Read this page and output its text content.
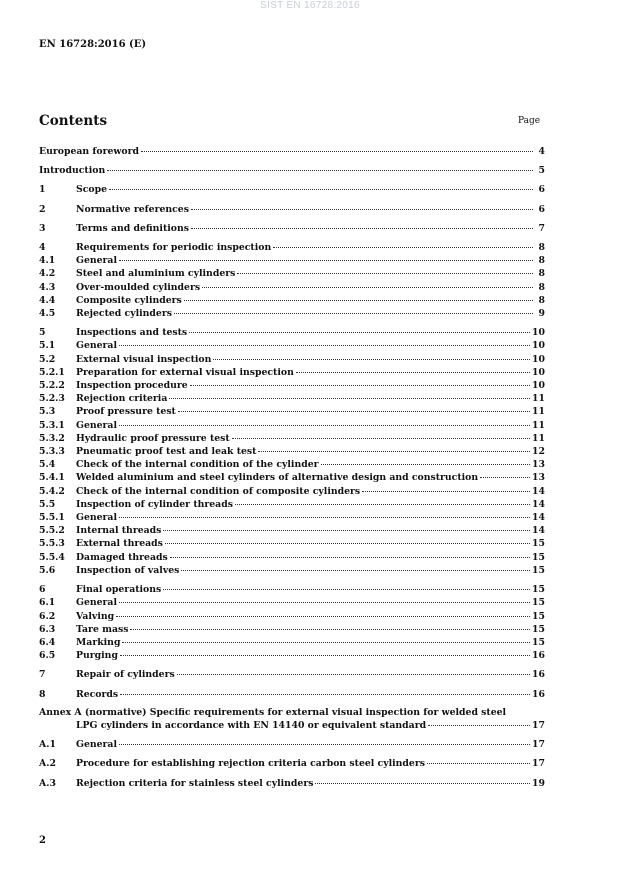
SIST EN 16728:2016
EN 16728:2016 (E)
Contents	Page
European foreword	4
Introduction	5
1	Scope	6
2	Normative references	6
3	Terms and definitions	7
4	Requirements for periodic inspection	8
4.1	General	8
4.2	Steel and aluminium cylinders	8
4.3	Over-moulded cylinders	8
4.4	Composite cylinders	8
4.5	Rejected cylinders	9
5	Inspections and tests	10
5.1	General	10
5.2	External visual inspection	10
5.2.1	Preparation for external visual inspection	10
5.2.2	Inspection procedure	10
5.2.3	Rejection criteria	11
5.3	Proof pressure test	11
5.3.1	General	11
5.3.2	Hydraulic proof pressure test	11
5.3.3	Pneumatic proof test and leak test	12
5.4	Check of the internal condition of the cylinder	13
5.4.1	Welded aluminium and steel cylinders of alternative design and construction	13
5.4.2	Check of the internal condition of composite cylinders	14
5.5	Inspection of cylinder threads	14
5.5.1	General	14
5.5.2	Internal threads	14
5.5.3	External threads	15
5.5.4	Damaged threads	15
5.6	Inspection of valves	15
6	Final operations	15
6.1	General	15
6.2	Valving	15
6.3	Tare mass	15
6.4	Marking	15
6.5	Purging	16
7	Repair of cylinders	16
8	Records	16
Annex A (normative) Specific requirements for external visual inspection for welded steel
LPG cylinders in accordance with EN 14140 or equivalent standard	17
A.1	General	17
A.2	Procedure for establishing rejection criteria carbon steel cylinders	17
A.3	Rejection criteria for stainless steel cylinders	19
2
